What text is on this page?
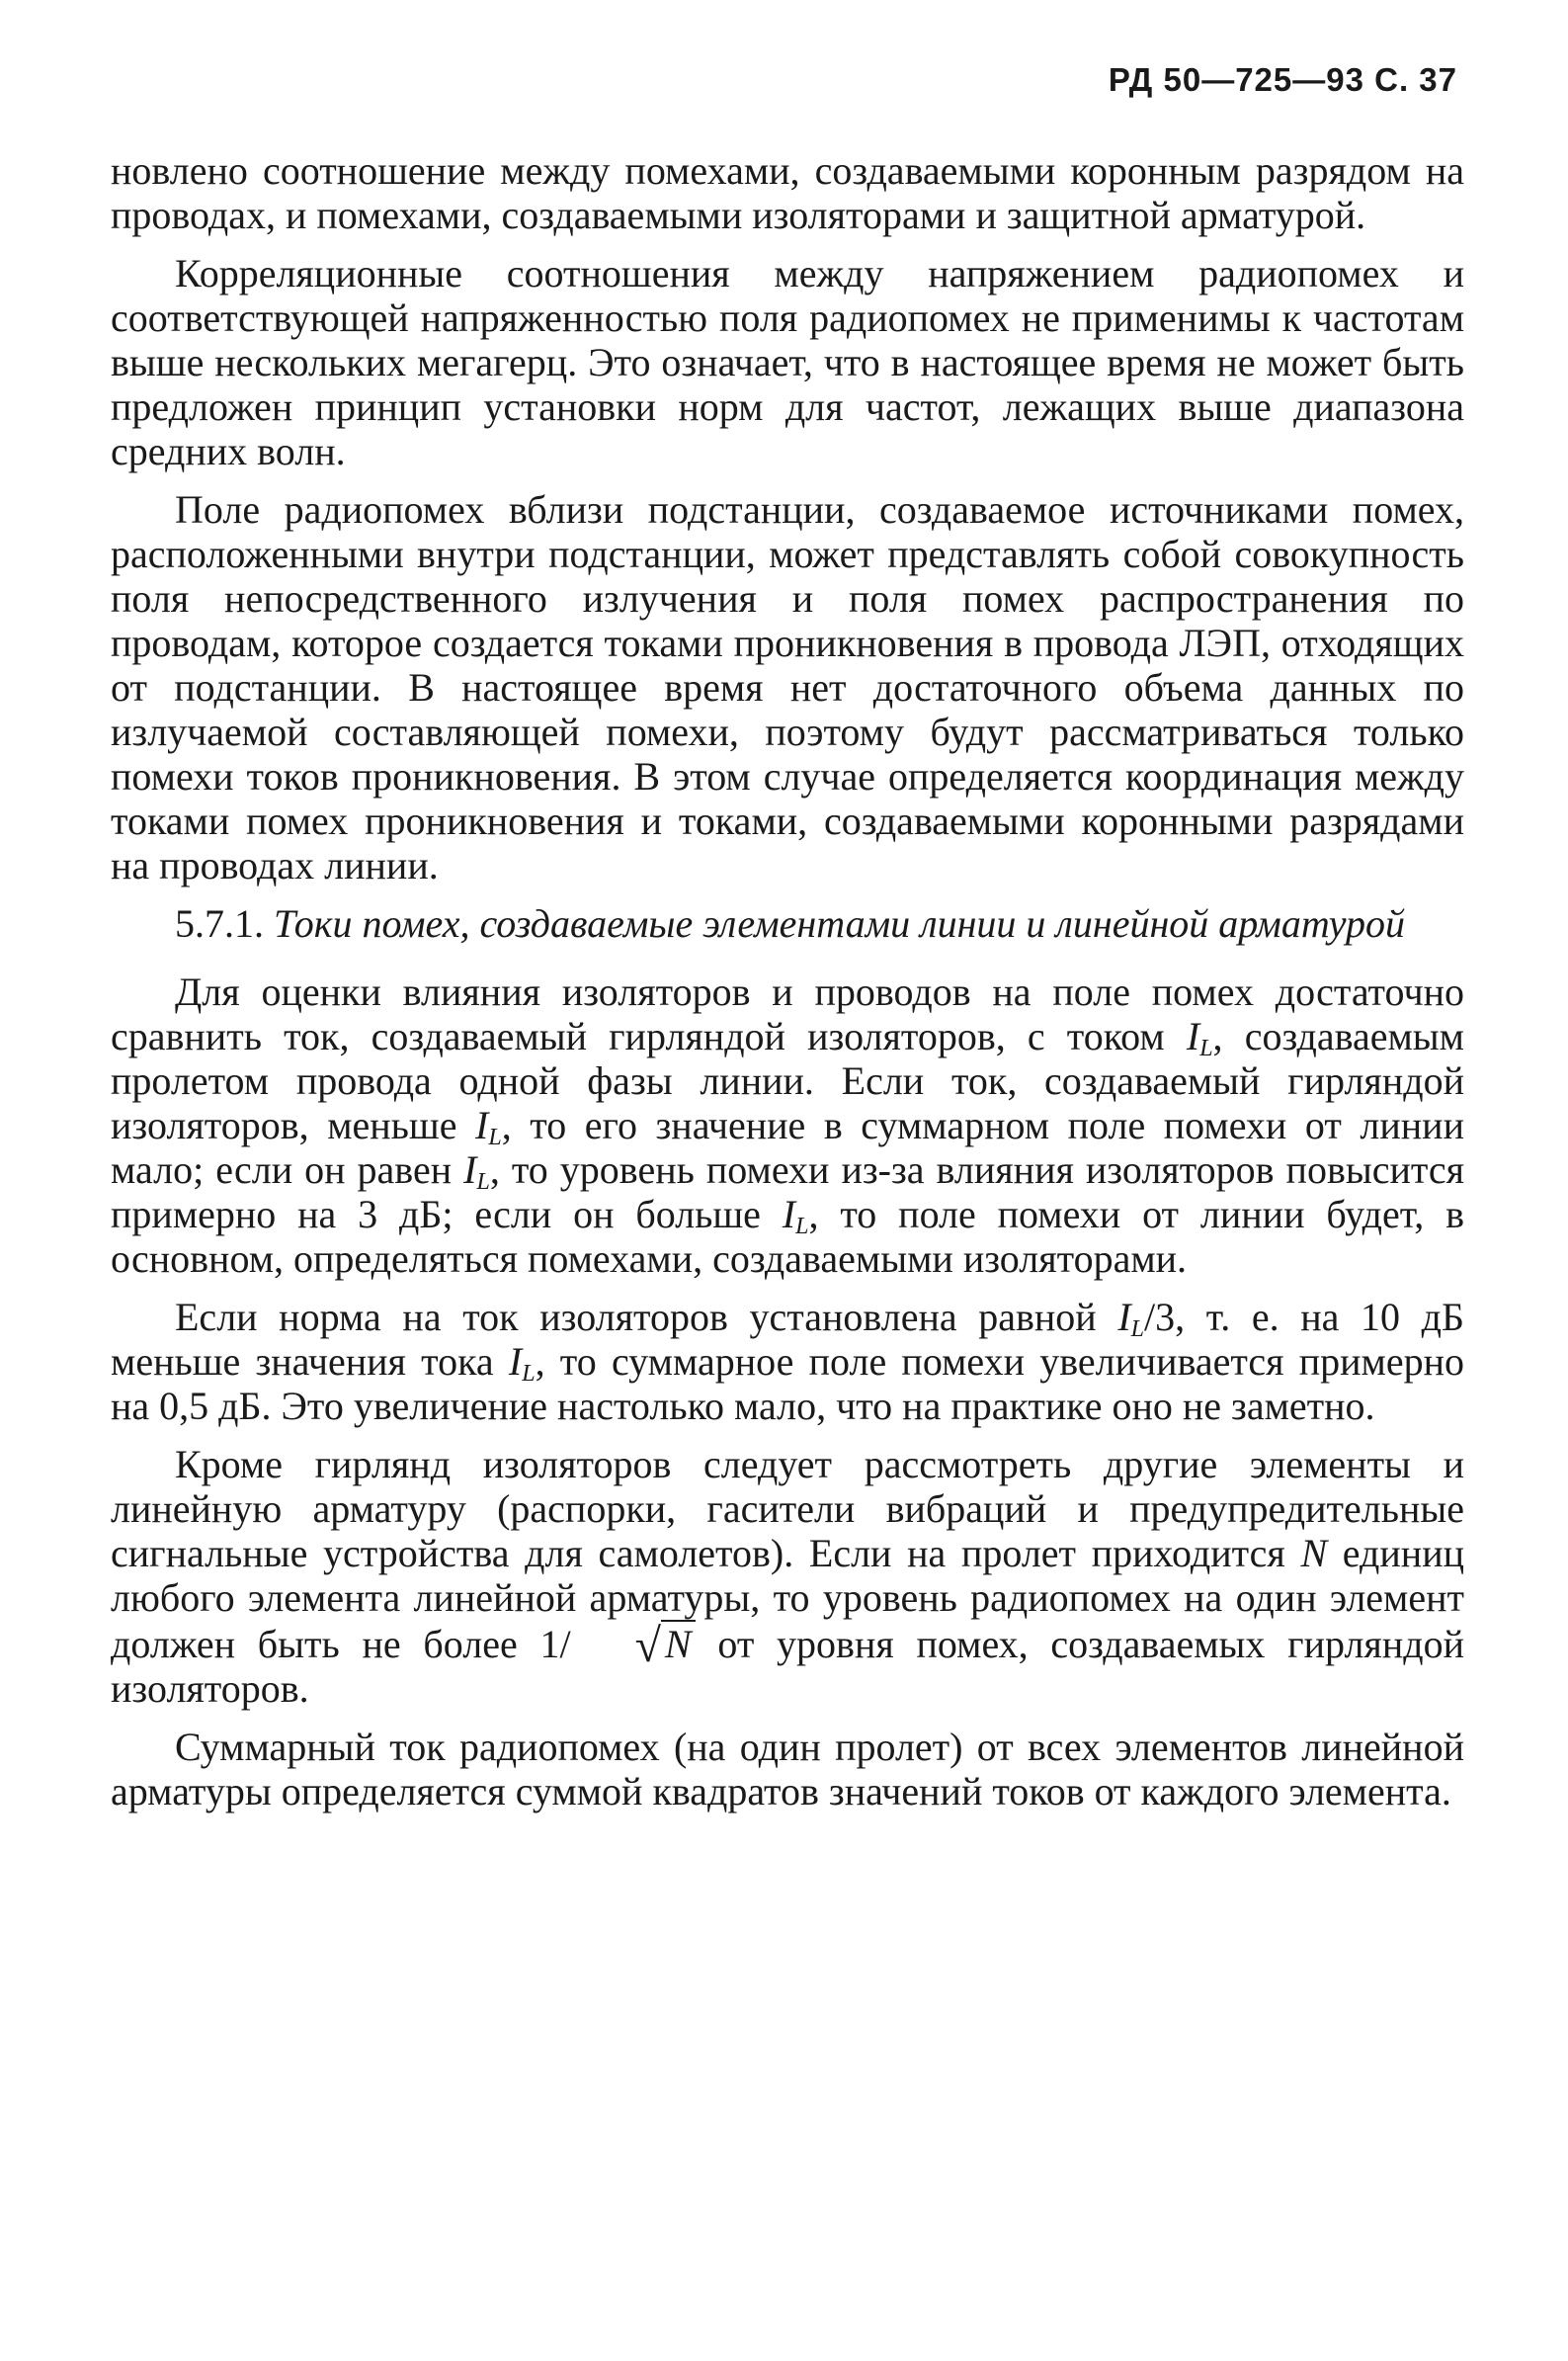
РД 50—725—93 С. 37

новлено соотношение между помехами, создаваемыми коронным разрядом на проводах, и помехами, создаваемыми изоляторами и защитной арматурой.

Корреляционные соотношения между напряжением радиопомех и соответствующей напряженностью поля радиопомех не применимы к частотам выше нескольких мегагерц. Это означает, что в настоящее время не может быть предложен принцип установки норм для частот, лежащих выше диапазона средних волн.

Поле радиопомех вблизи подстанции, создаваемое источниками помех, расположенными внутри подстанции, может представлять собой совокупность поля непосредственного излучения и поля помех распространения по проводам, которое создается токами проникновения в провода ЛЭП, отходящих от подстанции. В настоящее время нет достаточного объема данных по излучаемой составляющей помехи, поэтому будут рассматриваться только помехи токов проникновения. В этом случае определяется координация между токами помех проникновения и токами, создаваемыми коронными разрядами на проводах линии.

5.7.1. Токи помех, создаваемые элементами линии и линейной арматурой

Для оценки влияния изоляторов и проводов на поле помех достаточно сравнить ток, создаваемый гирляндой изоляторов, с током $I_L$, создаваемым пролетом провода одной фазы линии. Если ток, создаваемый гирляндой изоляторов, меньше $I_L$, то его значение в суммарном поле помехи от линии мало; если он равен $I_L$, то уровень помехи из-за влияния изоляторов повысится примерно на 3 дБ; если он больше $I_L$, то поле помехи от линии будет, в основном, определяться помехами, создаваемыми изоляторами.

Если норма на ток изоляторов установлена равной $I_L/3$, т. е. на 10 дБ меньше значения тока $I_L$, то суммарное поле помехи увеличивается примерно на 0,5 дБ. Это увеличение настолько мало, что на практике оно не заметно.

Кроме гирлянд изоляторов следует рассмотреть другие элементы и линейную арматуру (распорки, гасители вибраций и предупредительные сигнальные устройства для самолетов). Если на пролет приходится N единиц любого элемента линейной арматуры, то уровень радиопомех на один элемент должен быть не более 1/ √ N от уровня помех, создаваемых гирляндой изоляторов.

Суммарный ток радиопомех (на один пролет) от всех элементов линейной арматуры определяется суммой квадратов значений токов от каждого элемента.
